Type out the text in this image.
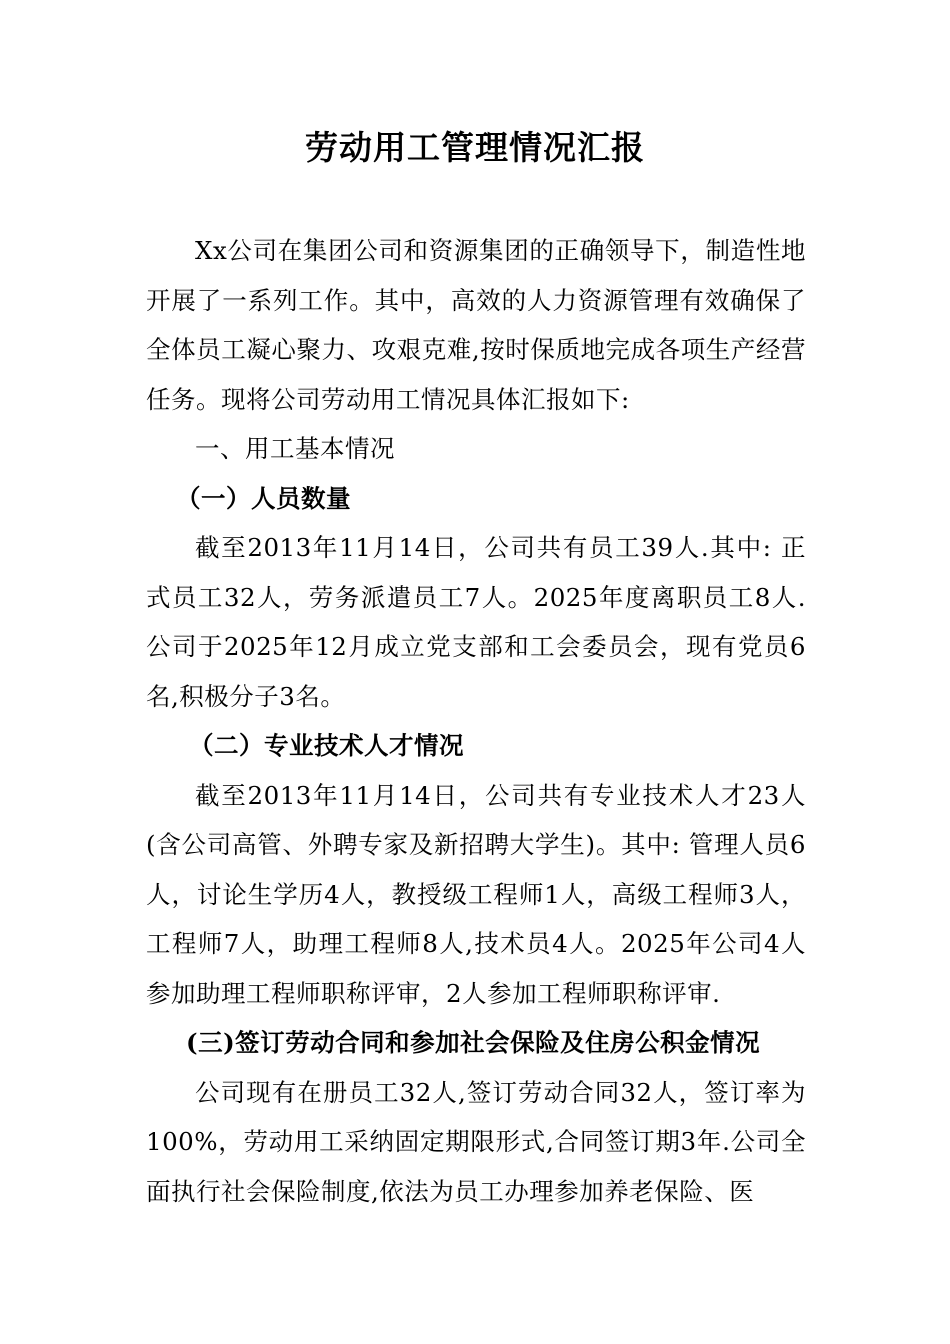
劳动用工管理情况汇报

Xx公司在集团公司和资源集团的正确领导下，制造性地开展了一系列工作。其中，高效的人力资源管理有效确保了全体员工凝心聚力、攻艰克难,按时保质地完成各项生产经营任务。现将公司劳动用工情况具体汇报如下:

一、用工基本情况

（一）人员数量

截至2013年11月14日，公司共有员工39人.其中: 正式员工32人，劳务派遣员工7人。2025年度离职员工8人.公司于2025年12月成立党支部和工会委员会，现有党员6名,积极分子3名。

（二）专业技术人才情况

截至2013年11月14日，公司共有专业技术人才23人(含公司高管、外聘专家及新招聘大学生)。其中: 管理人员6人，讨论生学历4人，教授级工程师1人，高级工程师3人，工程师7人，助理工程师8人,技术员4人。2025年公司4人参加助理工程师职称评审，2人参加工程师职称评审.

(三)签订劳动合同和参加社会保险及住房公积金情况

公司现有在册员工32人,签订劳动合同32人，签订率为100%，劳动用工采纳固定期限形式,合同签订期3年.公司全面执行社会保险制度,依法为员工办理参加养老保险、医
